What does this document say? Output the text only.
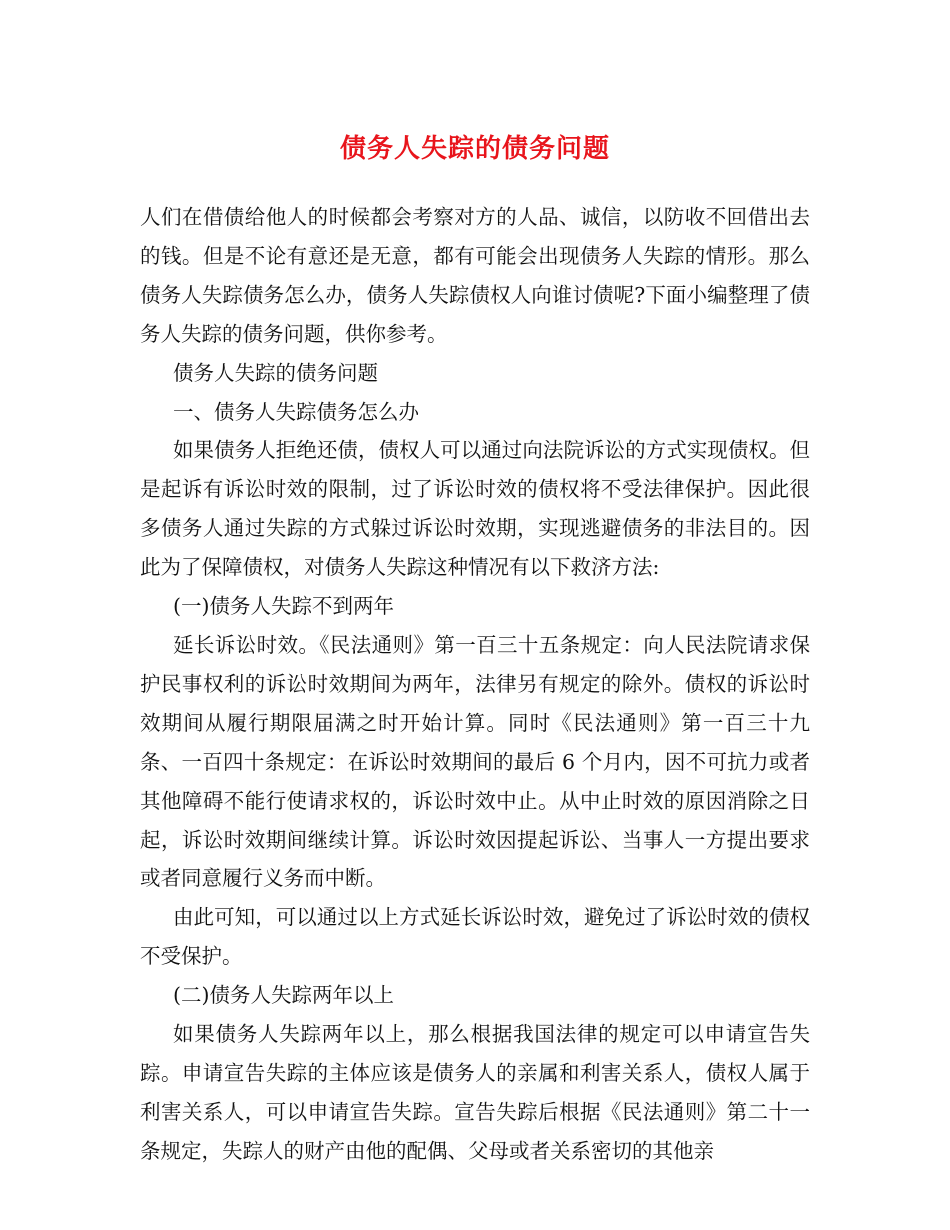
债务人失踪的债务问题

人们在借债给他人的时候都会考察对方的人品、诚信，以防收不回借出去的钱。但是不论有意还是无意，都有可能会出现债务人失踪的情形。那么债务人失踪债务怎么办，债务人失踪债权人向谁讨债呢?下面小编整理了债务人失踪的债务问题，供你参考。

债务人失踪的债务问题

一、债务人失踪债务怎么办

如果债务人拒绝还债，债权人可以通过向法院诉讼的方式实现债权。但是起诉有诉讼时效的限制，过了诉讼时效的债权将不受法律保护。因此很多债务人通过失踪的方式躲过诉讼时效期，实现逃避债务的非法目的。因此为了保障债权，对债务人失踪这种情况有以下救济方法:

(一)债务人失踪不到两年

延长诉讼时效。《民法通则》第一百三十五条规定：向人民法院请求保护民事权利的诉讼时效期间为两年，法律另有规定的除外。债权的诉讼时效期间从履行期限届满之时开始计算。同时《民法通则》第一百三十九条、一百四十条规定：在诉讼时效期间的最后 6 个月内，因不可抗力或者其他障碍不能行使请求权的，诉讼时效中止。从中止时效的原因消除之日起，诉讼时效期间继续计算。诉讼时效因提起诉讼、当事人一方提出要求或者同意履行义务而中断。

由此可知，可以通过以上方式延长诉讼时效，避免过了诉讼时效的债权不受保护。

(二)债务人失踪两年以上

如果债务人失踪两年以上，那么根据我国法律的规定可以申请宣告失踪。申请宣告失踪的主体应该是债务人的亲属和利害关系人，债权人属于利害关系人，可以申请宣告失踪。宣告失踪后根据《民法通则》第二十一条规定，失踪人的财产由他的配偶、父母或者关系密切的其他亲
